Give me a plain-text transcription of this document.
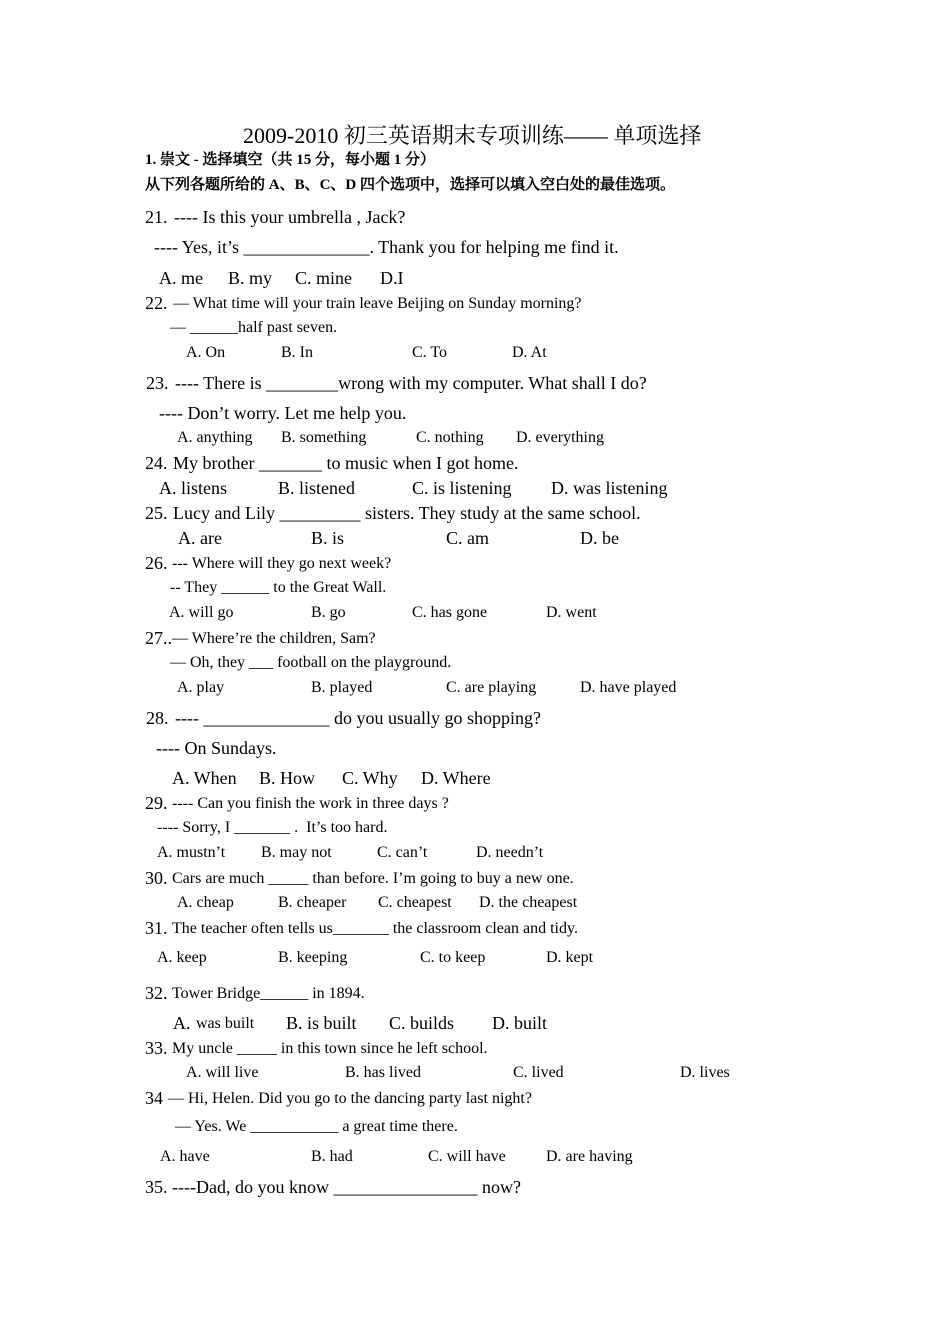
2009-2010 初三英语期末专项训练—— 单项选择
1. 崇文 - 选择填空（共 15 分，每小题 1 分）
从下列各题所给的 A、B、C、D 四个选项中，选择可以填入空白处的最佳选项。
21. ---- Is this your umbrella , Jack?
---- Yes, it’s ______________. Thank you for helping me find it.
A. me B. my C. mine D.I
22. — What time will your train leave Beijing on Sunday morning?
— ______half past seven.
A. On	B. In	C. To	D. At
23. ---- There is ________wrong with my computer. What shall I do?
---- Don’t worry. Let me help you.
A. anything B. something	C. nothing D. everything
24. My brother _______ to music when I got home.
A. listens	B. listened	C. is listening D. was listening
25. Lucy and Lily _________ sisters. They study at the same school.
A. are	B. is	C. am	D. be
26. --- Where will they go next week?
-- They ______ to the Great Wall.
A. will go	B. go	C. has gone	D. went
27.. — Where’re the children, Sam?
— Oh, they ___ football on the playground.
A. play	B. played	C. are playing	D. have played
28. ---- ______________ do you usually go shopping?
---- On Sundays.
A. When B. How C. Why D. Where
29. ---- Can you finish the work in three days ?
---- Sorry, I _______ .  It’s too hard.
A. mustn’t B. may not	C. can’t	D. needn’t
30. Cars are much _____ than before. I’m going to buy a new one.
A. cheap	B. cheaper C. cheapest D. the cheapest
31. The teacher often tells us_______ the classroom clean and tidy.
A. keep	B. keeping	C. to keep	D. kept
32. Tower Bridge______ in 1894.
A. was built B. is built C. builds D. built
33. My uncle _____ in this town since he left school.
A. will live	B. has lived	C. lived	D. lives
34 — Hi, Helen. Did you go to the dancing party last night?
— Yes. We ___________ a great time there.
A. have	B. had	C. will have	D. are having
35. ----Dad, do you know ________________ now?
